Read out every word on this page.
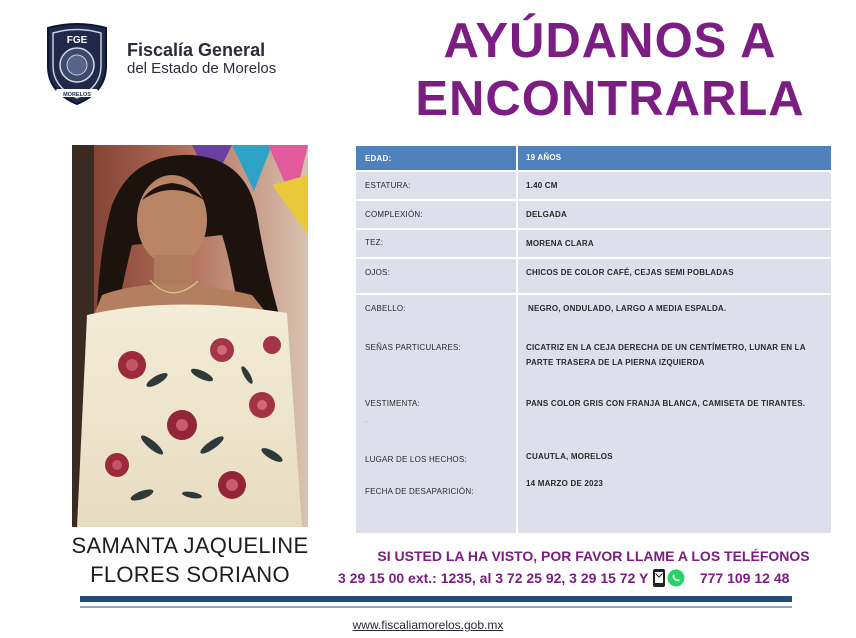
FGE
MORELOS
Fiscalía General
del Estado de Morelos
AYÚDANOS A
ENCONTRARLA
SAMANTA JAQUELINE
FLORES SORIANO
EDAD:	19 AÑOS
ESTATURA:	1.40 CM
COMPLEXIÓN:	DELGADA
TEZ:	MORENA CLARA
OJOS:	CHICOS DE COLOR CAFÉ, CEJAS SEMI POBLADAS
CABELLO:	NEGRO, ONDULADO, LARGO A MEDIA ESPALDA.
SEÑAS PARTICULARES:	CICATRIZ EN LA CEJA DERECHA DE UN CENTÍMETRO, LUNAR EN LA PARTE TRASERA DE LA PIERNA IZQUIERDA
VESTIMENTA:
.
PANS COLOR GRIS CON FRANJA BLANCA, CAMISETA DE TIRANTES.
LUGAR DE LOS HECHOS:	CUAUTLA, MORELOS
FECHA DE DESAPARICIÓN:
14 MARZO DE 2023
SI USTED LA HA VISTO, POR FAVOR LLAME A LOS TELÉFONOS
3 29 15 00 ext.: 1235, al 3 72 25 92, 3 29 15 72 Y	777 109 12 48
www.fiscaliamorelos.gob.mx
